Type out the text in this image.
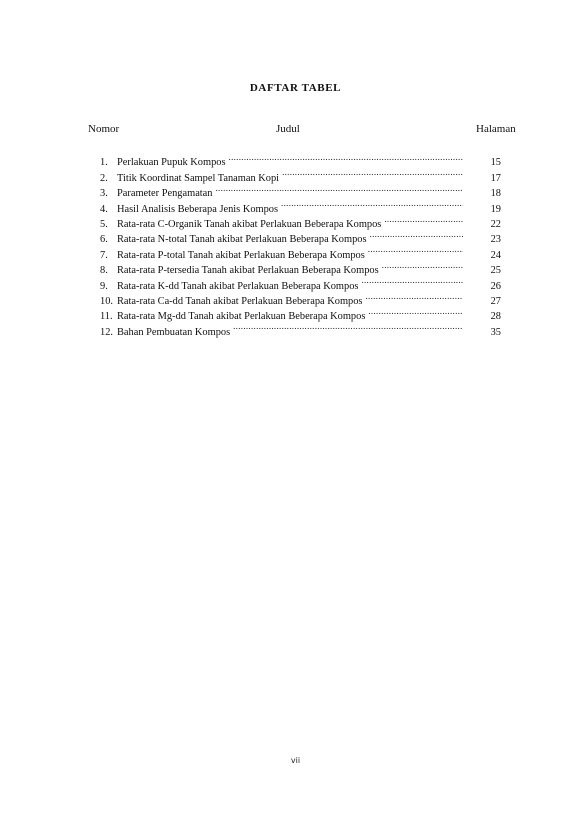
DAFTAR TABEL
Nomor	Judul	Halaman
1. Perlakuan Pupuk Kompos .....	15
2. Titik Koordinat Sampel Tanaman Kopi .....	17
3. Parameter Pengamatan .....	18
4. Hasil Analisis Beberapa Jenis Kompos .....	19
5. Rata-rata C-Organik Tanah akibat Perlakuan Beberapa Kompos .....	22
6. Rata-rata N-total Tanah akibat Perlakuan Beberapa Kompos .....	23
7. Rata-rata P-total Tanah akibat Perlakuan Beberapa Kompos .....	24
8. Rata-rata P-tersedia Tanah akibat Perlakuan Beberapa Kompos .....	25
9. Rata-rata K-dd Tanah akibat Perlakuan Beberapa Kompos .....	26
10. Rata-rata Ca-dd Tanah akibat Perlakuan Beberapa Kompos .....	27
11. Rata-rata Mg-dd Tanah akibat Perlakuan Beberapa Kompos .....	28
12. Bahan Pembuatan Kompos .....	35
vii
